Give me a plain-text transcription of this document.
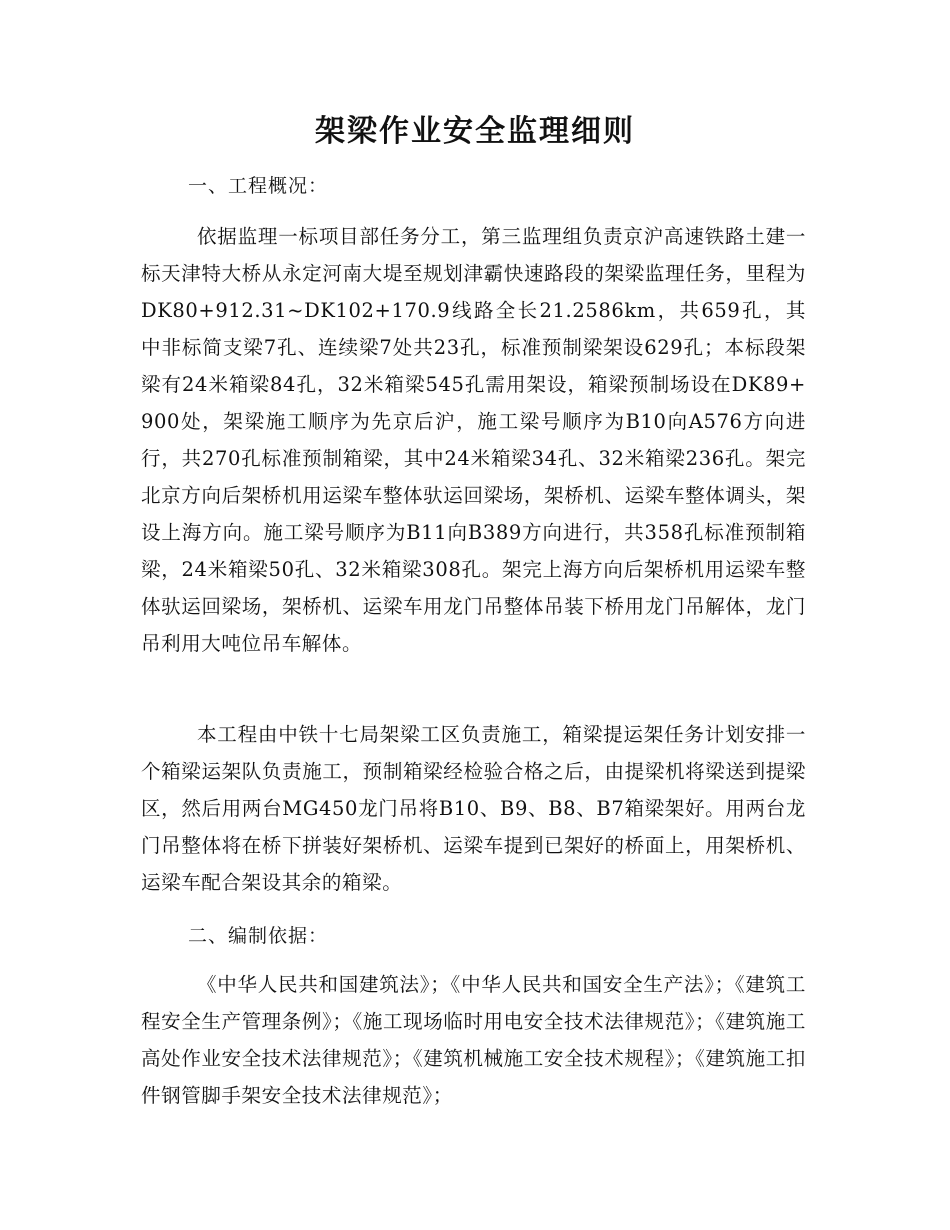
架梁作业安全监理细则
一、工程概况：

依据监理一标项目部任务分工，第三监理组负责京沪高速铁路土建一标天津特大桥从永定河南大堤至规划津霸快速路段的架梁监理任务，里程为DK80+912.31~DK102+170.9线路全长21.2586km，共659孔，其中非标简支梁7孔、连续梁7处共23孔，标准预制梁架设629孔；本标段架梁有24米箱梁84孔，32米箱梁545孔需用架设，箱梁预制场设在DK89+900处，架梁施工顺序为先京后沪，施工梁号顺序为B10向A576方向进行，共270孔标准预制箱梁，其中24米箱梁34孔、32米箱梁236孔。架完北京方向后架桥机用运梁车整体驮运回梁场，架桥机、运梁车整体调头，架设上海方向。施工梁号顺序为B11向B389方向进行，共358孔标准预制箱梁，24米箱梁50孔、32米箱梁308孔。架完上海方向后架桥机用运梁车整体驮运回梁场，架桥机、运梁车用龙门吊整体吊装下桥用龙门吊解体，龙门吊利用大吨位吊车解体。

本工程由中铁十七局架梁工区负责施工，箱梁提运架任务计划安排一个箱梁运架队负责施工，预制箱梁经检验合格之后，由提梁机将梁送到提梁区，然后用两台MG450龙门吊将B10、B9、B8、B7箱梁架好。用两台龙门吊整体将在桥下拼装好架桥机、运梁车提到已架好的桥面上，用架桥机、运梁车配合架设其余的箱梁。

二、编制依据：

《中华人民共和国建筑法》；《中华人民共和国安全生产法》；《建筑工程安全生产管理条例》；《施工现场临时用电安全技术法律规范》；《建筑施工高处作业安全技术法律规范》；《建筑机械施工安全技术规程》；《建筑施工扣件钢管脚手架安全技术法律规范》；
